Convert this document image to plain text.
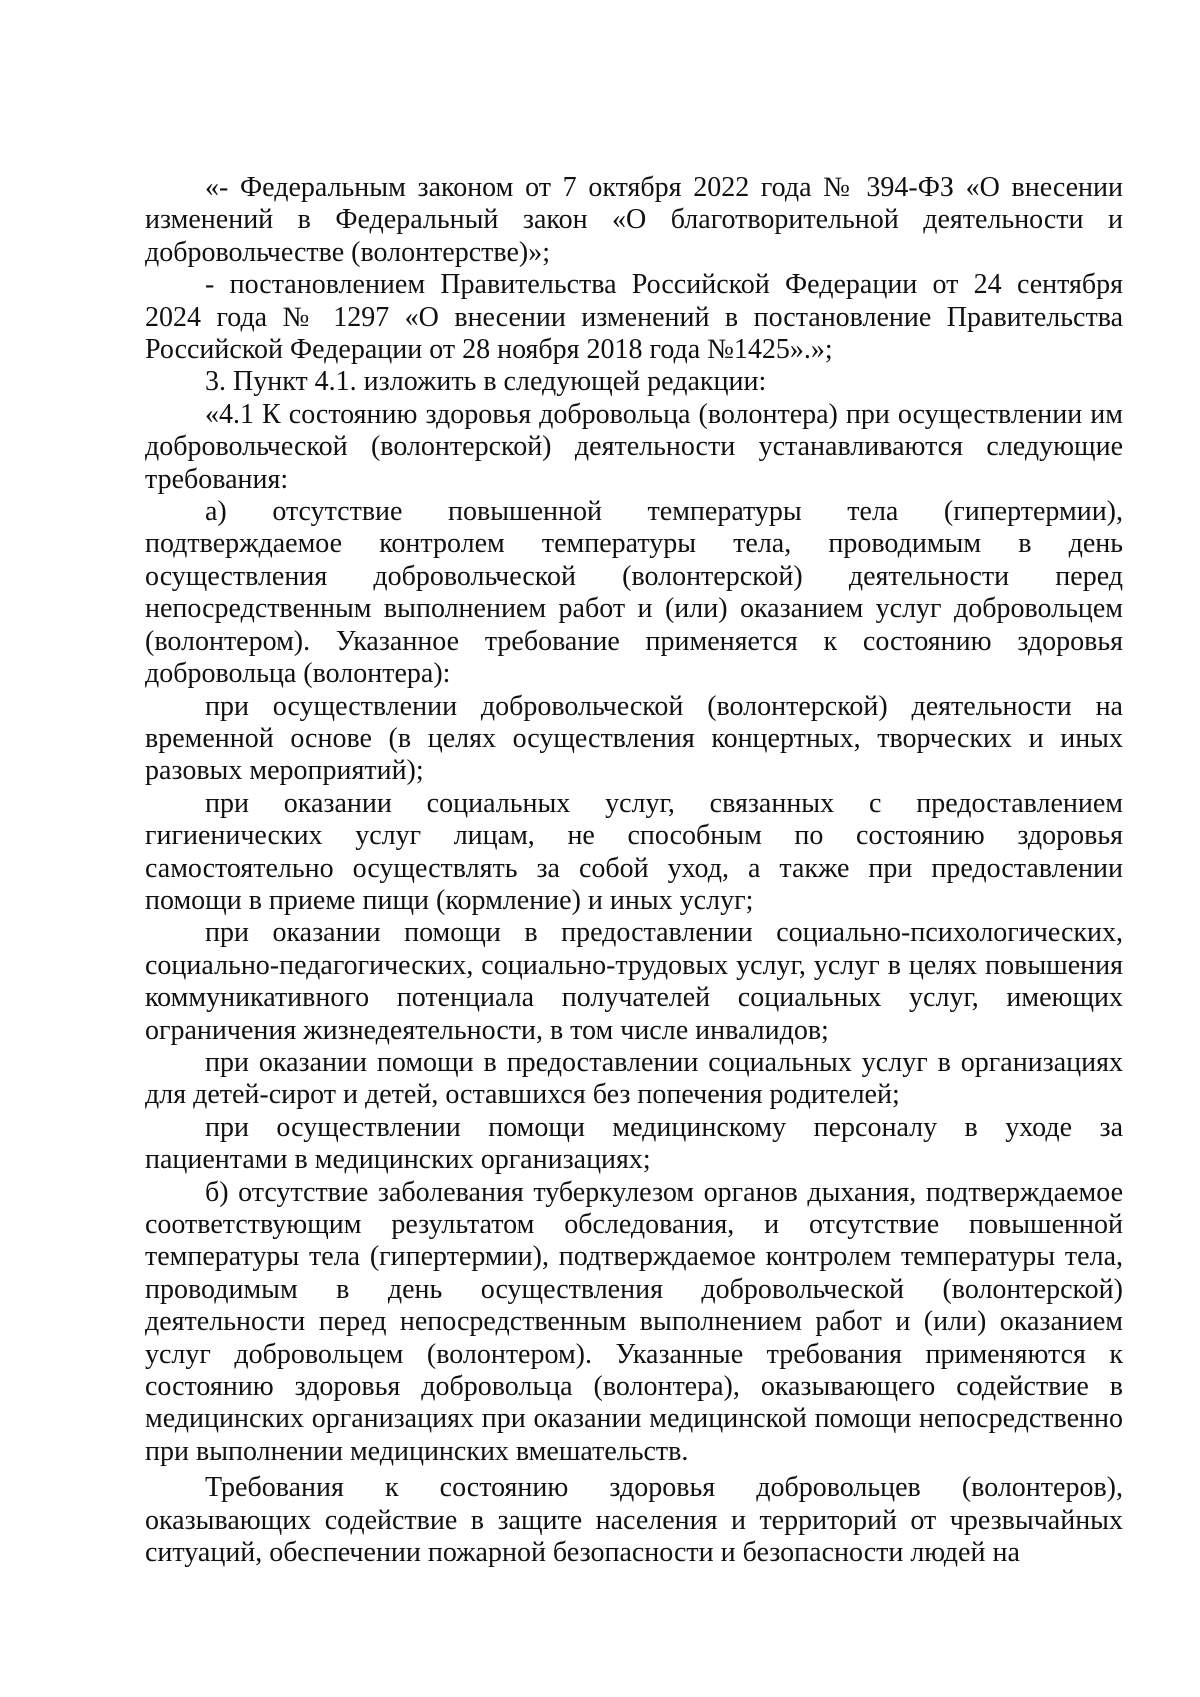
«- Федеральным законом от 7 октября 2022 года № 394-ФЗ «О внесении изменений в Федеральный закон «О благотворительной деятельности и добровольчестве (волонтерстве)»;

- постановлением Правительства Российской Федерации от 24 сентября 2024 года № 1297 «О внесении изменений в постановление Правительства Российской Федерации от 28 ноября 2018 года №1425».»;

3. Пункт 4.1. изложить в следующей редакции:

«4.1 К состоянию здоровья добровольца (волонтера) при осуществлении им добровольческой (волонтерской) деятельности устанавливаются следующие требования:

а) отсутствие повышенной температуры тела (гипертермии), подтверждаемое контролем температуры тела, проводимым в день осуществления добровольческой (волонтерской) деятельности перед непосредственным выполнением работ и (или) оказанием услуг добровольцем (волонтером). Указанное требование применяется к состоянию здоровья добровольца (волонтера):

при осуществлении добровольческой (волонтерской) деятельности на временной основе (в целях осуществления концертных, творческих и иных разовых мероприятий);

при оказании социальных услуг, связанных с предоставлением гигиенических услуг лицам, не способным по состоянию здоровья самостоятельно осуществлять за собой уход, а также при предоставлении помощи в приеме пищи (кормление) и иных услуг;

при оказании помощи в предоставлении социально-психологических, социально-педагогических, социально-трудовых услуг, услуг в целях повышения коммуникативного потенциала получателей социальных услуг, имеющих ограничения жизнедеятельности, в том числе инвалидов;

при оказании помощи в предоставлении социальных услуг в организациях для детей-сирот и детей, оставшихся без попечения родителей;

при осуществлении помощи медицинскому персоналу в уходе за пациентами в медицинских организациях;

б) отсутствие заболевания туберкулезом органов дыхания, подтверждаемое соответствующим результатом обследования, и отсутствие повышенной температуры тела (гипертермии), подтверждаемое контролем температуры тела, проводимым в день осуществления добровольческой (волонтерской) деятельности перед непосредственным выполнением работ и (или) оказанием услуг добровольцем (волонтером). Указанные требования применяются к состоянию здоровья добровольца (волонтера), оказывающего содействие в медицинских организациях при оказании медицинской помощи непосредственно при выполнении медицинских вмешательств.

Требования к состоянию здоровья добровольцев (волонтеров), оказывающих содействие в защите населения и территорий от чрезвычайных ситуаций, обеспечении пожарной безопасности и безопасности людей на
